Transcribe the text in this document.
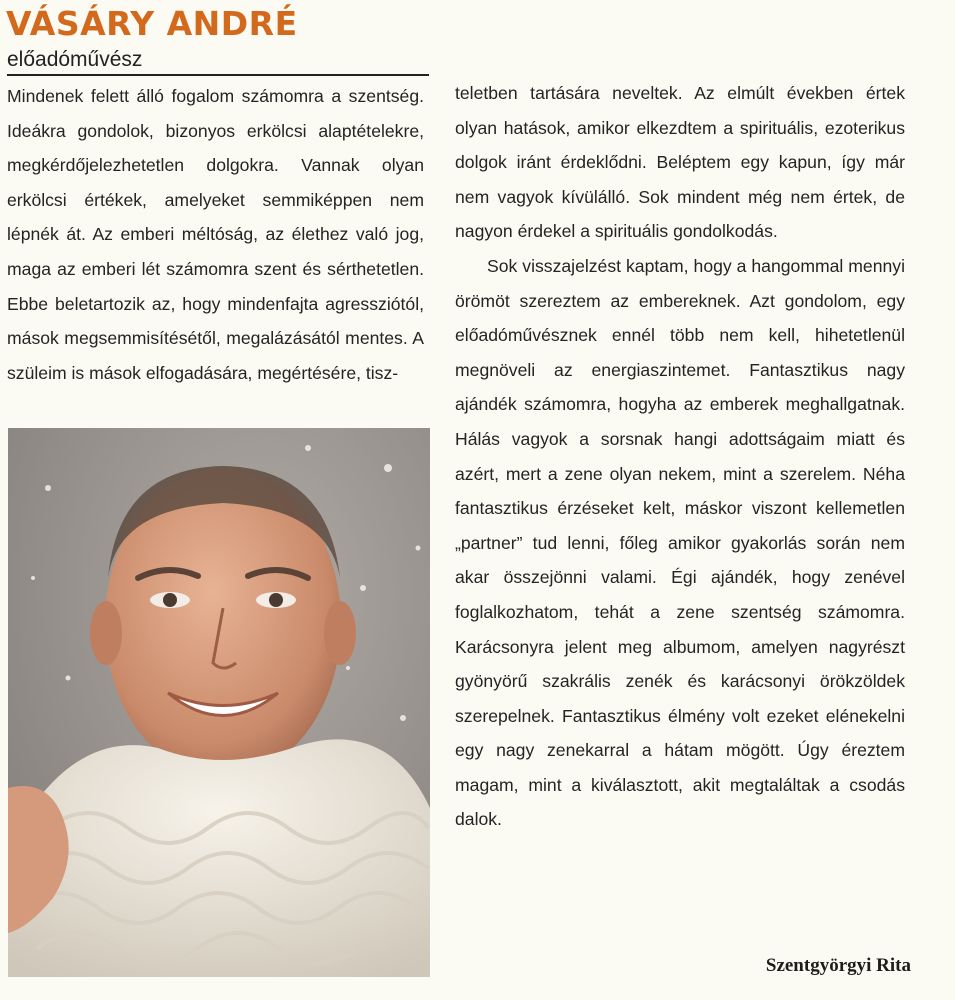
VÁSÁRY ANDRÉ
előadóművész

Mindenek felett álló fogalom számomra a szentség. Ideákra gondolok, bizonyos erkölcsi alaptételekre, megkérdőjelezhetetlen dolgokra. Vannak olyan erkölcsi értékek, amelyeket semmiképpen nem lépnék át. Az emberi méltóság, az élethez való jog, maga az emberi lét számomra szent és sérthetetlen. Ebbe beletartozik az, hogy mindenfajta agressziótól, mások megsemmisítésétől, megalázásától mentes. A szüleim is mások elfogadására, megértésére, tisz-

teletben tartására neveltek. Az elmúlt években értek olyan hatások, amikor elkezdtem a spirituális, ezoterikus dolgok iránt érdeklődni. Beléptem egy kapun, így már nem vagyok kívülálló. Sok mindent még nem értek, de nagyon érdekel a spirituális gondolkodás.

Sok visszajelzést kaptam, hogy a hangommal mennyi örömöt szereztem az embereknek. Azt gondolom, egy előadóművésznek ennél több nem kell, hihetetlenül megnöveli az energiaszintemet. Fantasztikus nagy ajándék számomra, hogyha az emberek meghallgatnak. Hálás vagyok a sorsnak hangi adottságaim miatt és azért, mert a zene olyan nekem, mint a szerelem. Néha fantasztikus érzéseket kelt, máskor viszont kellemetlen „partner” tud lenni, főleg amikor gyakorlás során nem akar összejönni valami. Égi ajándék, hogy zenével foglalkozhatom, tehát a zene szentség számomra. Karácsonyra jelent meg albumom, amelyen nagyrészt gyönyörű szakrális zenék és karácsonyi örökzöldek szerepelnek. Fantasztikus élmény volt ezeket elénekelni egy nagy zenekarral a hátam mögött. Úgy éreztem magam, mint a kiválasztott, akit megtaláltak a csodás dalok.

Szentgyörgyi Rita
